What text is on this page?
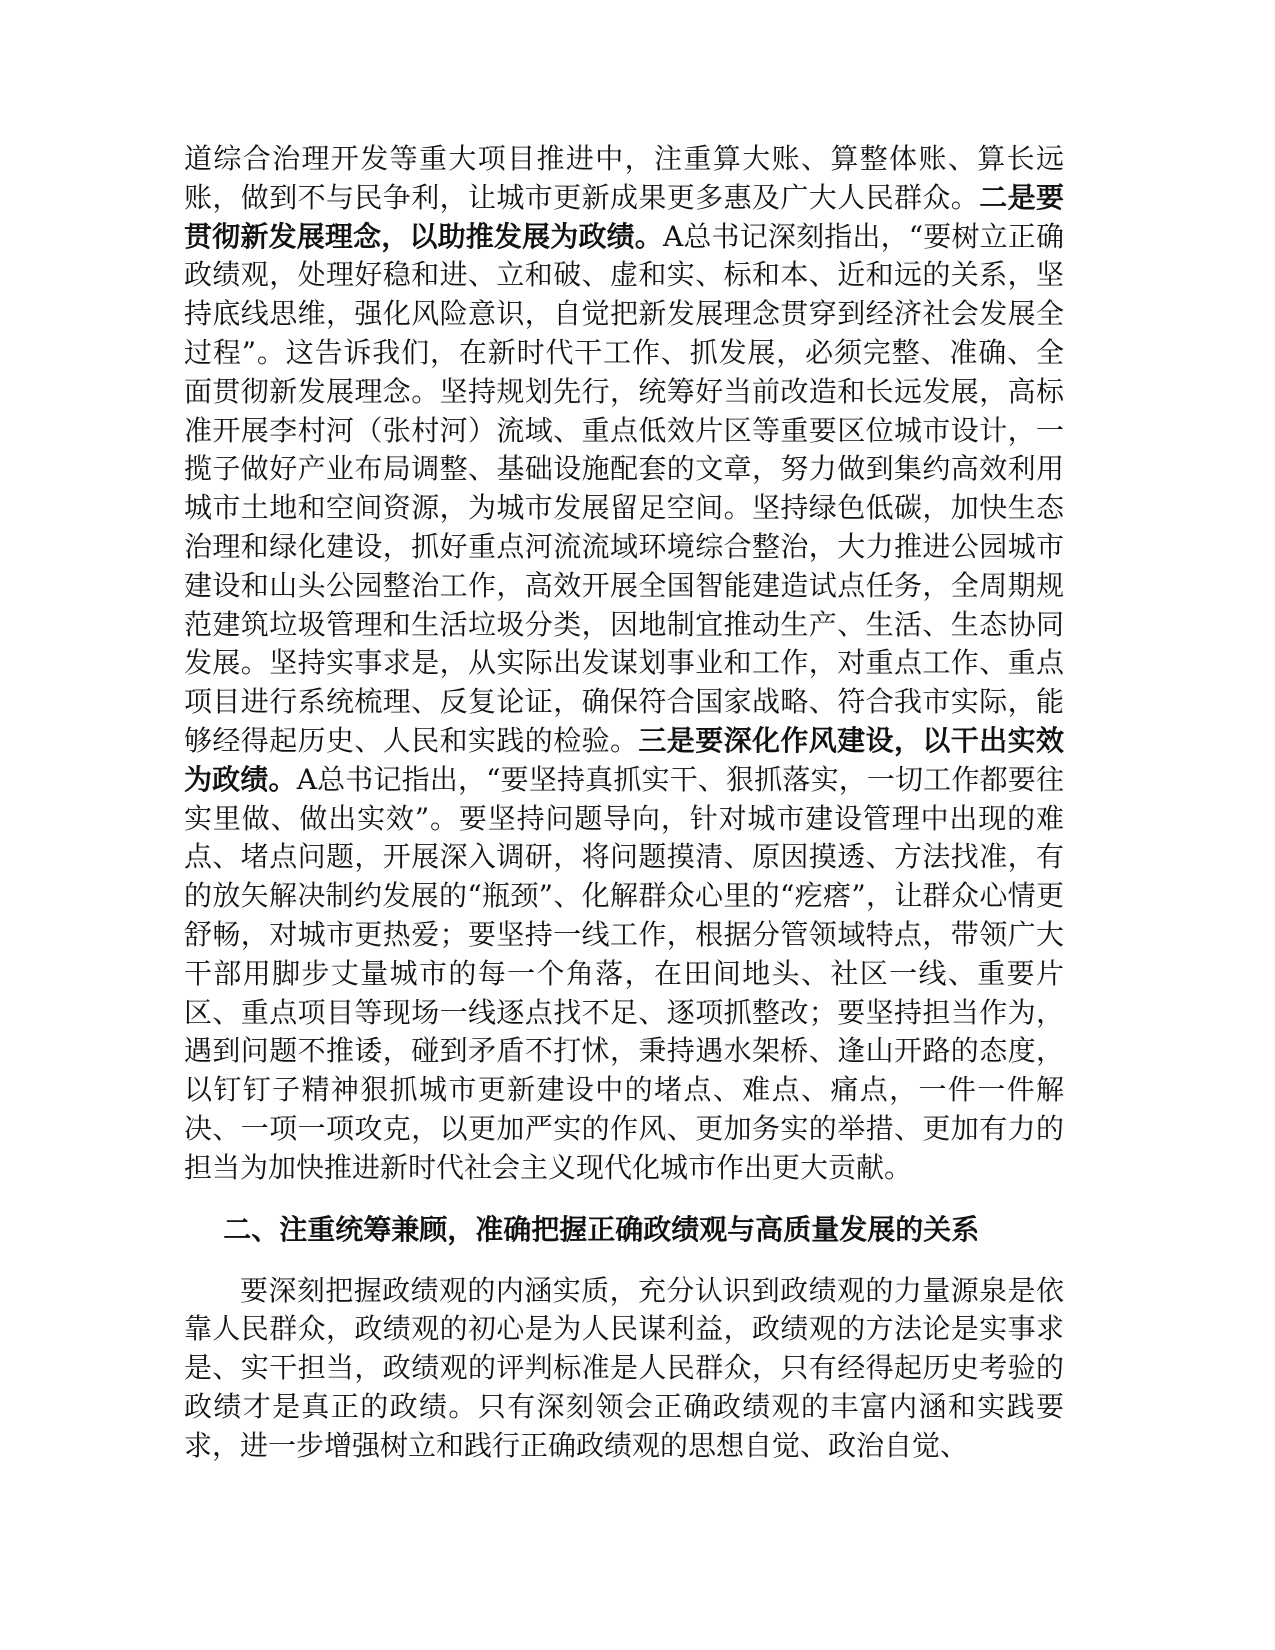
道综合治理开发等重大项目推进中，注重算大账、算整体账、算长远账，做到不与民争利，让城市更新成果更多惠及广大人民群众。二是要贯彻新发展理念，以助推发展为政绩。A总书记深刻指出，“要树立正确政绩观，处理好稳和进、立和破、虚和实、标和本、近和远的关系，坚持底线思维，强化风险意识，自觉把新发展理念贯穿到经济社会发展全过程”。这告诉我们，在新时代干工作、抓发展，必须完整、准确、全面贯彻新发展理念。坚持规划先行，统筹好当前改造和长远发展，高标准开展李村河（张村河）流域、重点低效片区等重要区位城市设计，一揽子做好产业布局调整、基础设施配套的文章，努力做到集约高效利用城市土地和空间资源，为城市发展留足空间。坚持绿色低碳，加快生态治理和绿化建设，抓好重点河流流域环境综合整治，大力推进公园城市建设和山头公园整治工作，高效开展全国智能建造试点任务，全周期规范建筑垃圾管理和生活垃圾分类，因地制宜推动生产、生活、生态协同发展。坚持实事求是，从实际出发谋划事业和工作，对重点工作、重点项目进行系统梳理、反复论证，确保符合国家战略、符合我市实际，能够经得起历史、人民和实践的检验。三是要深化作风建设，以干出实效为政绩。A总书记指出，“要坚持真抓实干、狠抓落实，一切工作都要往实里做、做出实效”。要坚持问题导向，针对城市建设管理中出现的难点、堵点问题，开展深入调研，将问题摸清、原因摸透、方法找准，有的放矢解决制约发展的“瓶颈”、化解群众心里的“疙瘩”，让群众心情更舒畅，对城市更热爱；要坚持一线工作，根据分管领域特点，带领广大干部用脚步丈量城市的每一个角落，在田间地头、社区一线、重要片区、重点项目等现场一线逐点找不足、逐项抓整改；要坚持担当作为，遇到问题不推诿，碰到矛盾不打怵，秉持遇水架桥、逢山开路的态度，以钉钉子精神狠抓城市更新建设中的堵点、难点、痛点，一件一件解决、一项一项攻克，以更加严实的作风、更加务实的举措、更加有力的担当为加快推进新时代社会主义现代化城市作出更大贡献。

二、注重统筹兼顾，准确把握正确政绩观与高质量发展的关系

要深刻把握政绩观的内涵实质，充分认识到政绩观的力量源泉是依靠人民群众，政绩观的初心是为人民谋利益，政绩观的方法论是实事求是、实干担当，政绩观的评判标准是人民群众，只有经得起历史考验的政绩才是真正的政绩。只有深刻领会正确政绩观的丰富内涵和实践要求，进一步增强树立和践行正确政绩观的思想自觉、政治自觉、
